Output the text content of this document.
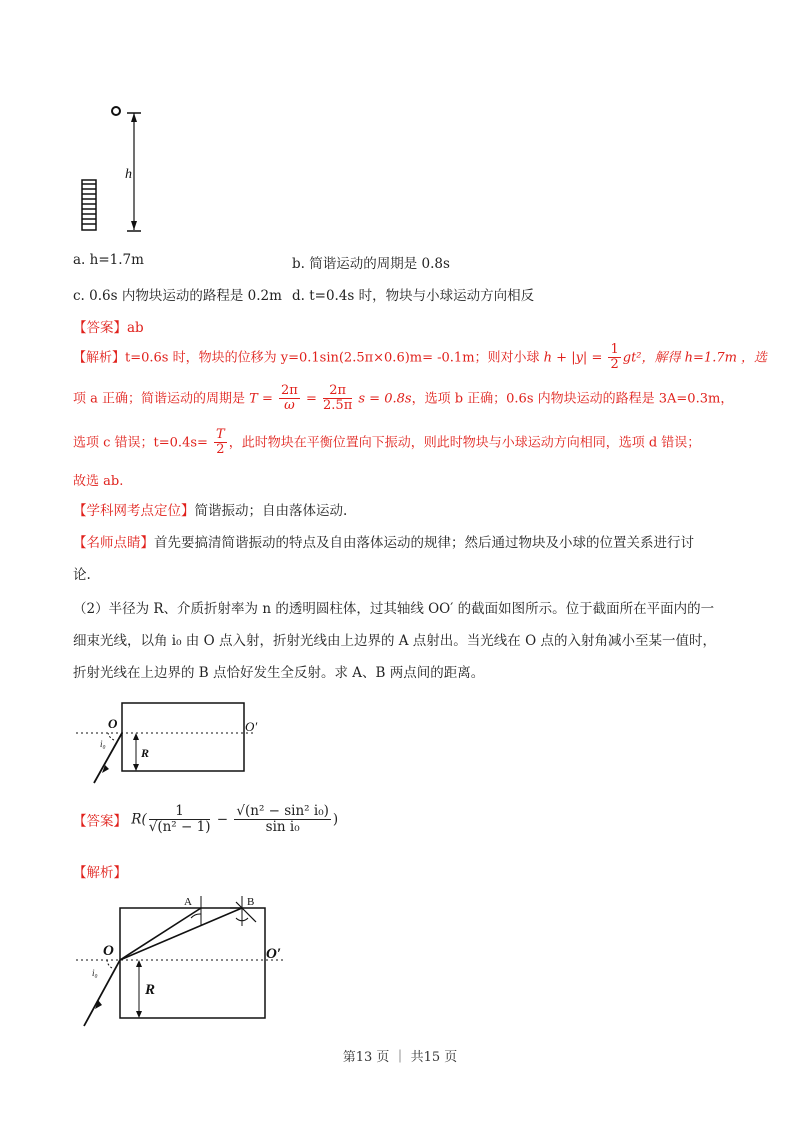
h
a. h=1.7m	b. 简谐运动的周期是 0.8s
c. 0.6s 内物块运动的路程是 0.2m d. t=0.4s 时，物块与小球运动方向相反
【答案】ab
【解析】t=0.6s 时，物块的位移为 y=0.1sin(2.5π×0.6)m= -0.1m；则对小球 $h + |y| = \frac{1}{2} gt^2$，解得 h=1.7m ，选
项 a 正确；简谐运动的周期是 $T = \frac{2\pi}{\omega} = \frac{2\pi}{2.5\pi}$ s = 0.8s，选项 b 正确；0.6s 内物块运动的路程是 3A=0.3m，
选项 c 错误；$t=0.4s= \frac{T}{2}$ ，此时物块在平衡位置向下振动，则此时物块与小球运动方向相同，选项 d 错误；
故选 ab.
【学科网考点定位】简谐振动；自由落体运动.
【名师点睛】首先要搞清简谐振动的特点及自由落体运动的规律；然后通过物块及小球的位置关系进行讨
论.
（2）半径为 R、介质折射率为 n 的透明圆柱体，过其轴线 OO′ 的截面如图所示。位于截面所在平面内的一
细束光线，以角 i₀ 由 O 点入射，折射光线由上边界的 A 点射出。当光线在 O 点的入射角减小至某一值时，
折射光线在上边界的 B 点恰好发生全反射。求 A、B 两点间的距离。
O	O′
R
i₀
【答案】 $R( \frac{1}{\text{√(n² − 1)}} - \frac{\text{√(n² − sin² i₀)}}{\text{sin i₀}}$ )
【解析】
A	B
O	O′
R
i₀
第13 页 ｜ 共15 页
